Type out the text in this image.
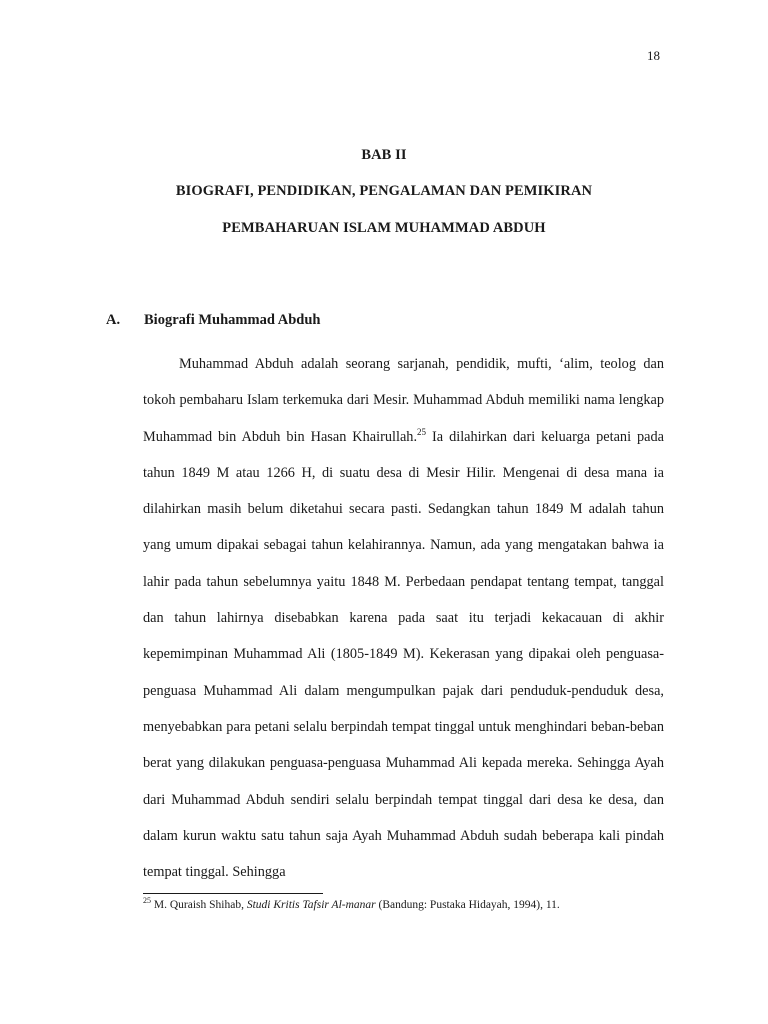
18
BAB II
BIOGRAFI, PENDIDIKAN, PENGALAMAN DAN PEMIKIRAN
PEMBAHARUAN ISLAM MUHAMMAD ABDUH
A. Biografi Muhammad Abduh

Muhammad Abduh adalah seorang sarjanah, pendidik, mufti, ‘alim, teolog dan tokoh pembaharu Islam terkemuka dari Mesir. Muhammad Abduh memiliki nama lengkap Muhammad bin Abduh bin Hasan Khairullah.$^{25}$ Ia dilahirkan dari keluarga petani pada tahun 1849 M atau 1266 H, di suatu desa di Mesir Hilir. Mengenai di desa mana ia dilahirkan masih belum diketahui secara pasti. Sedangkan tahun 1849 M adalah tahun yang umum dipakai sebagai tahun kelahirannya. Namun, ada yang mengatakan bahwa ia lahir pada tahun sebelumnya yaitu 1848 M. Perbedaan pendapat tentang tempat, tanggal dan tahun lahirnya disebabkan karena pada saat itu terjadi kekacauan di akhir kepemimpinan Muhammad Ali (1805-1849 M). Kekerasan yang dipakai oleh penguasa-penguasa Muhammad Ali dalam mengumpulkan pajak dari penduduk-penduduk desa, menyebabkan para petani selalu berpindah tempat tinggal untuk menghindari beban-beban berat yang dilakukan penguasa-penguasa Muhammad Ali kepada mereka. Sehingga Ayah dari Muhammad Abduh sendiri selalu berpindah tempat tinggal dari desa ke desa, dan dalam kurun waktu satu tahun saja Ayah Muhammad Abduh sudah beberapa kali pindah tempat tinggal. Sehingga

$^{25}$ M. Quraish Shihab, Studi Kritis Tafsir Al-manar (Bandung: Pustaka Hidayah, 1994), 11.
